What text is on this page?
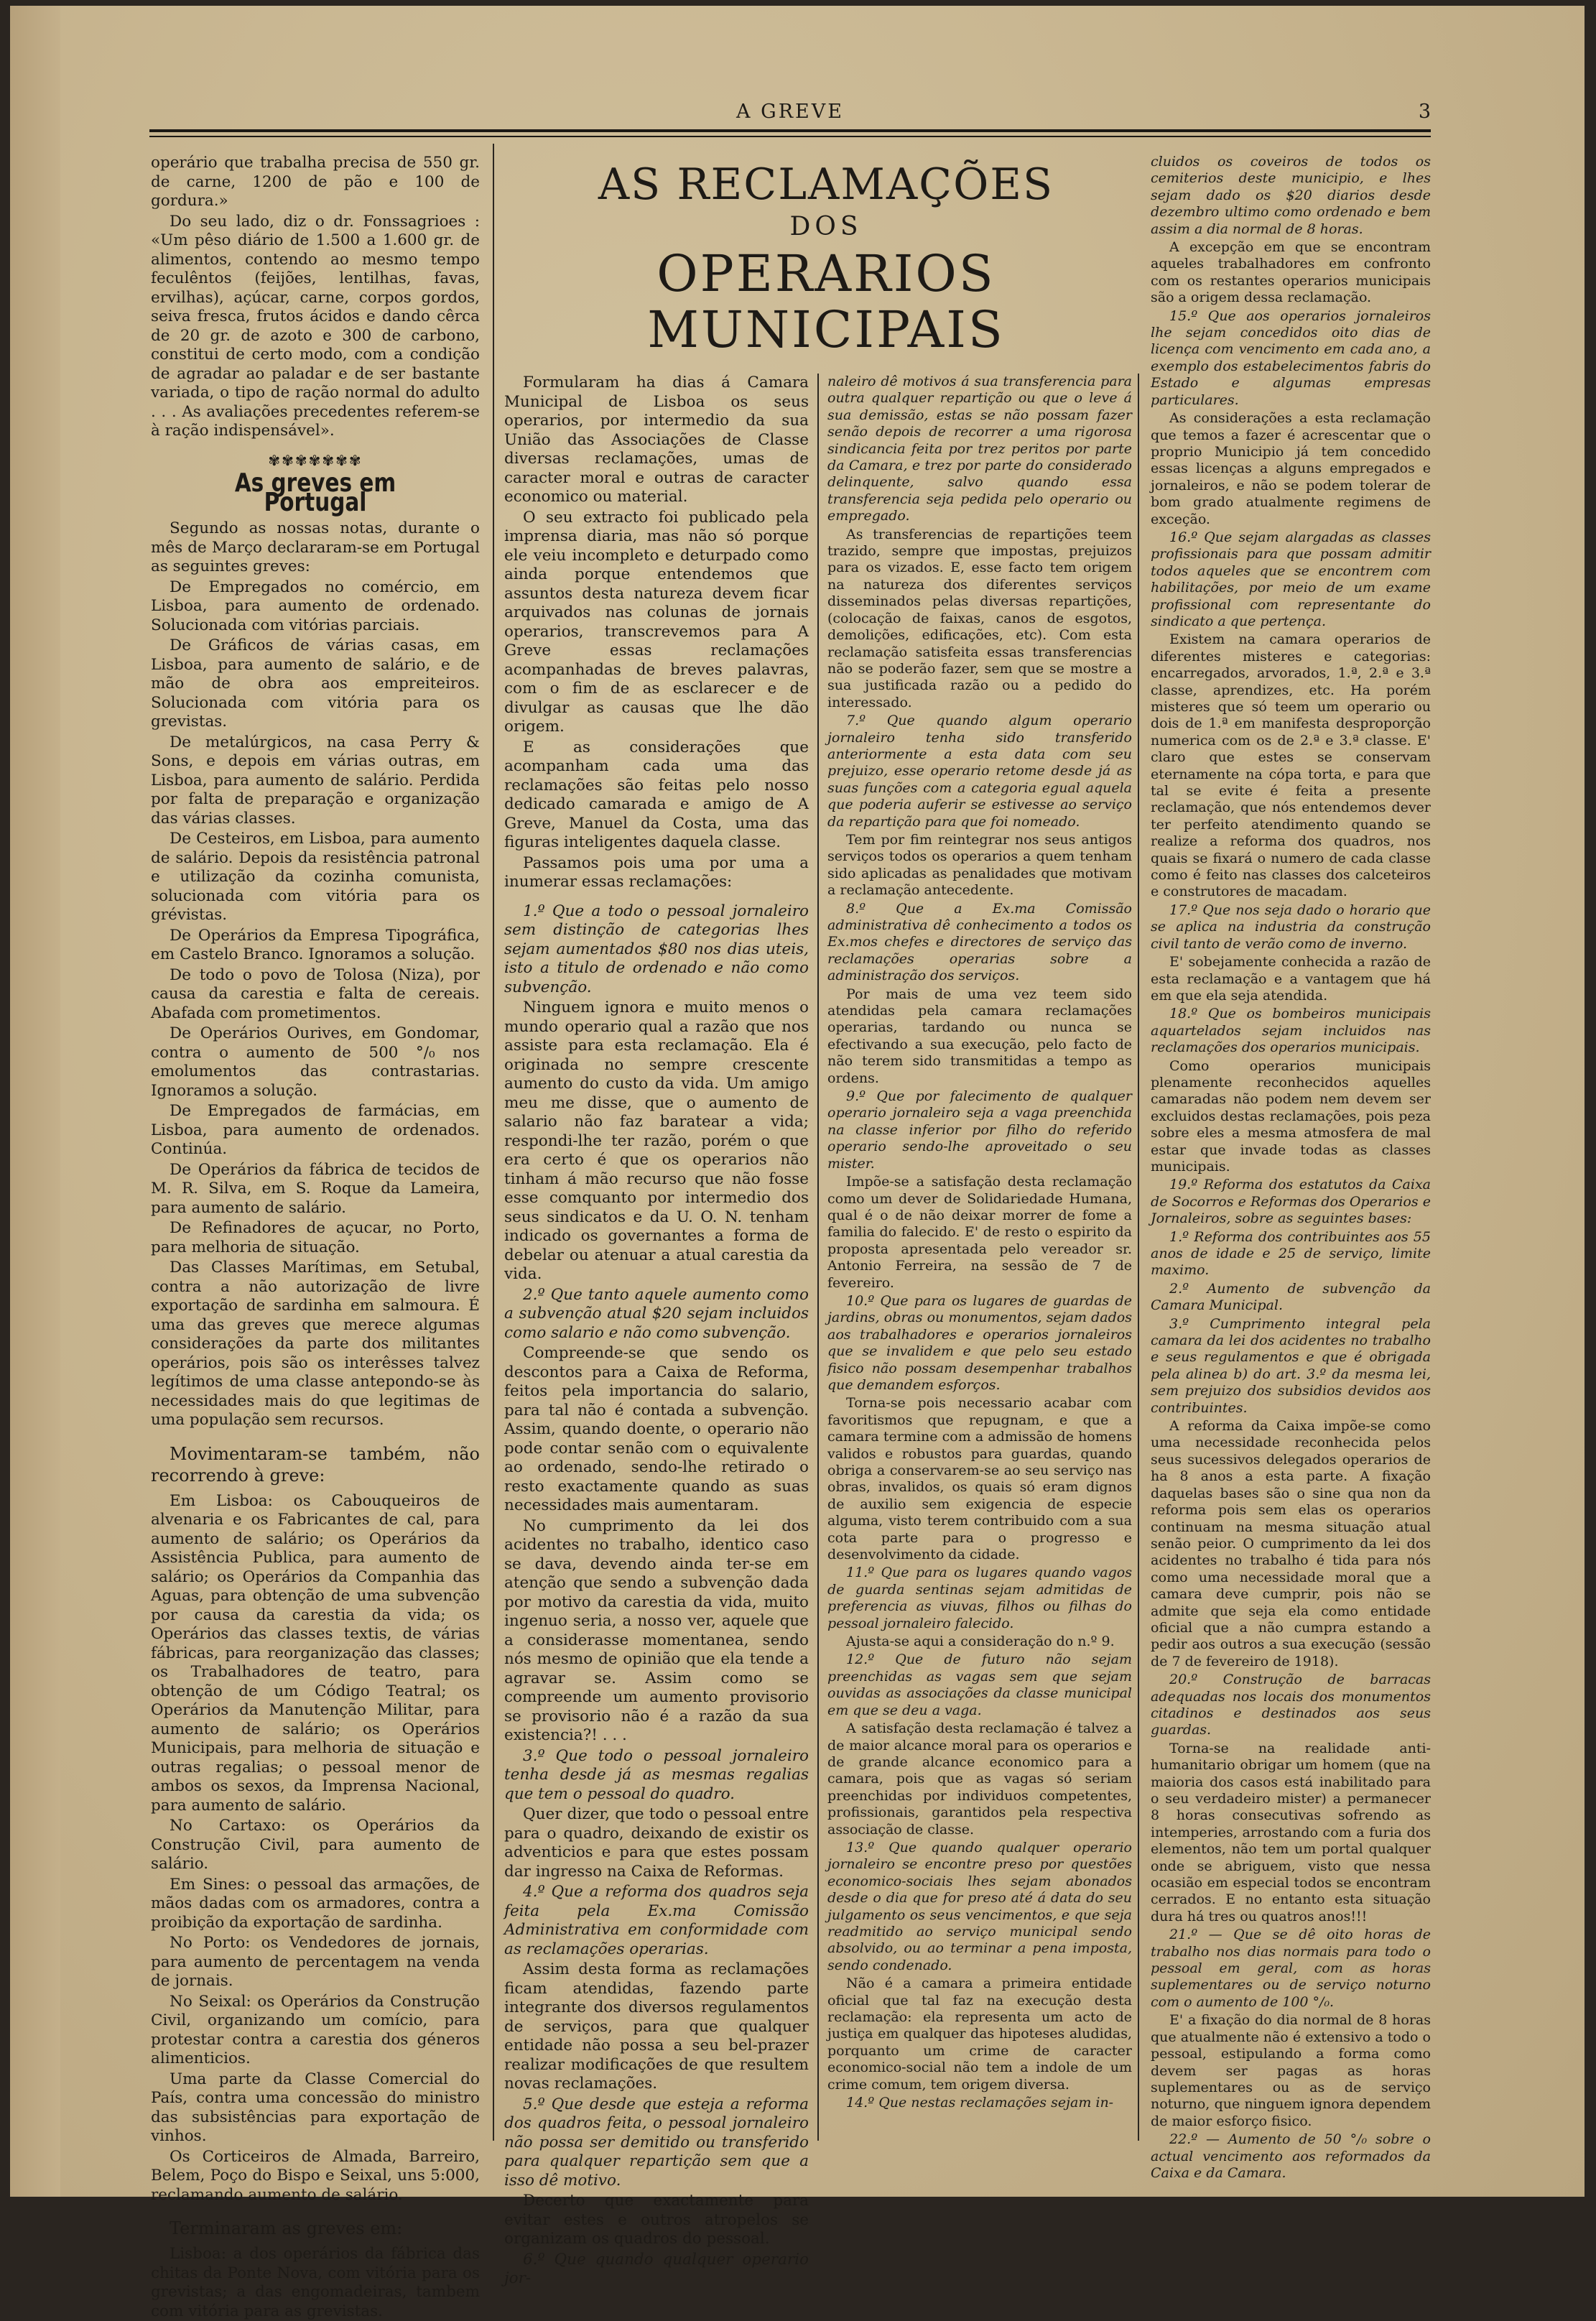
A GREVE	3

operário que trabalha precisa de 550 gr. de carne, 1200 de pão e 100 de gordura.»

Do seu lado, diz o dr. Fonssagrioes : «Um pêso diário de 1.500 a 1.600 gr. de alimentos, contendo ao mesmo tempo feculêntos (feijões, lentilhas, favas, ervilhas), açúcar, carne, corpos gordos, seiva fresca, frutos ácidos e dando cêrca de 20 gr. de azoto e 300 de carbono, constitui de certo modo, com a condição de agradar ao paladar e de ser bastante variada, o tipo de ração normal do adulto . . . As avaliações precedentes referem-se à ração indispensável».

✾✾✾✾✾✾✾
As greves em Portugal

Segundo as nossas notas, durante o mês de Março declararam-se em Portugal as seguintes greves:

De Empregados no comércio, em Lisboa, para aumento de ordenado. Solucionada com vitórias parciais.

De Gráficos de várias casas, em Lisboa, para aumento de salário, e de mão de obra aos empreiteiros. Solucionada com vitória para os grevistas.

De metalúrgicos, na casa Perry & Sons, e depois em várias outras, em Lisboa, para aumento de salário. Perdida por falta de preparação e organização das várias classes.

De Cesteiros, em Lisboa, para aumento de salário. Depois da resistência patronal e utilização da cozinha comunista, solucionada com vitória para os grévistas.

De Operários da Empresa Tipográfica, em Castelo Branco. Ignoramos a solução.

De todo o povo de Tolosa (Niza), por causa da carestia e falta de cereais. Abafada com prometimentos.

De Operários Ourives, em Gondomar, contra o aumento de 500 °/₀ nos emolumentos das contrastarias. Ignoramos a solução.

De Empregados de farmácias, em Lisboa, para aumento de ordenados. Continúa.

De Operários da fábrica de tecidos de M. R. Silva, em S. Roque da Lameira, para aumento de salário.

De Refinadores de açucar, no Porto, para melhoria de situação.

Das Classes Marítimas, em Setubal, contra a não autorização de livre exportação de sardinha em salmoura. É uma das greves que merece algumas considerações da parte dos militantes operários, pois são os interêsses talvez legítimos de uma classe antepondo-se às necessidades mais do que legitimas de uma população sem recursos.

Movimentaram-se também, não recorrendo à greve:

Em Lisboa: os Cabouqueiros de alvenaria e os Fabricantes de cal, para aumento de salário; os Operários da Assistência Publica, para aumento de salário; os Operários da Companhia das Aguas, para obtenção de uma subvenção por causa da carestia da vida; os Operários das classes textis, de várias fábricas, para reorganização das classes; os Trabalhadores de teatro, para obtenção de um Código Teatral; os Operários da Manutenção Militar, para aumento de salário; os Operários Municipais, para melhoria de situação e outras regalias; o pessoal menor de ambos os sexos, da Imprensa Nacional, para aumento de salário.

No Cartaxo: os Operários da Construção Civil, para aumento de salário.

Em Sines: o pessoal das armações, de mãos dadas com os armadores, contra a proibição da exportação de sardinha.

No Porto: os Vendedores de jornais, para aumento de percentagem na venda de jornais.

No Seixal: os Operários da Construção Civil, organizando um comício, para protestar contra a carestia dos géneros alimenticios.

Uma parte da Classe Comercial do País, contra uma concessão do ministro das subsistências para exportação de vinhos.

Os Corticeiros de Almada, Barreiro, Belem, Poço do Bispo e Seixal, uns 5:000, reclamando aumento de salário.

Terminaram as greves em:

Lisboa: a dos operários da fábrica das chitas da Ponte Nova, com vitória para os grevistas; a das engomadeiras, tambem com vitória para as grevistas.

AS RECLAMAÇÕES
DOS
OPERARIOS MUNICIPAIS

cluidos os coveiros de todos os cemiterios deste municipio, e lhes sejam dado os $20 diarios desde dezembro ultimo como ordenado e bem assim a dia normal de 8 horas.

A excepção em que se encontram aqueles trabalhadores em confronto com os restantes operarios municipais são a origem dessa reclamação.

15.º Que aos operarios jornaleiros lhe sejam concedidos oito dias de licença com vencimento em cada ano, a exemplo dos estabelecimentos fabris do Estado e algumas empresas particulares.

As considerações a esta reclamação que temos a fazer é acrescentar que o proprio Municipio já tem concedido essas licenças a alguns empregados e jornaleiros, e não se podem tolerar de bom grado atualmente regimens de exceção.

16.º Que sejam alargadas as classes profissionais para que possam admitir todos aqueles que se encontrem com habilitações, por meio de um exame profissional com representante do sindicato a que pertença.

Existem na camara operarios de diferentes misteres e categorias: encarregados, arvorados, 1.ª, 2.ª e 3.ª classe, aprendizes, etc. Ha porém misteres que só teem um operario ou dois de 1.ª em manifesta desproporção numerica com os de 2.ª e 3.ª classe. E' claro que estes se conservam eternamente na cópa torta, e para que tal se evite é feita a presente reclamação, que nós entendemos dever ter perfeito atendimento quando se realize a reforma dos quadros, nos quais se fixará o numero de cada classe como é feito nas classes dos calceteiros e construtores de macadam.

17.º Que nos seja dado o horario que se aplica na industria da construção civil tanto de verão como de inverno.

E' sobejamente conhecida a razão de esta reclamação e a vantagem que há em que ela seja atendida.

18.º Que os bombeiros municipais aquartelados sejam incluidos nas reclamações dos operarios municipais.

Como operarios municipais plenamente reconhecidos aquelles camaradas não podem nem devem ser excluidos destas reclamações, pois peza sobre eles a mesma atmosfera de mal estar que invade todas as classes municipais.

19.º Reforma dos estatutos da Caixa de Socorros e Reformas dos Operarios e Jornaleiros, sobre as seguintes bases:

1.º Reforma dos contribuintes aos 55 anos de idade e 25 de serviço, limite maximo.

2.º Aumento de subvenção da Camara Municipal.

3.º Cumprimento integral pela camara da lei dos acidentes no trabalho e seus regulamentos e que é obrigada pela alinea b) do art. 3.º da mesma lei, sem prejuizo dos subsidios devidos aos contribuintes.

A reforma da Caixa impõe-se como uma necessidade reconhecida pelos seus sucessivos delegados operarios de ha 8 anos a esta parte. A fixação daquelas bases são o sine qua non da reforma pois sem elas os operarios continuam na mesma situação atual senão peior. O cumprimento da lei dos acidentes no trabalho é tida para nós como uma necessidade moral que a camara deve cumprir, pois não se admite que seja ela como entidade oficial que a não cumpra estando a pedir aos outros a sua execução (sessão de 7 de fevereiro de 1918).

20.º Construção de barracas adequadas nos locais dos monumentos citadinos e destinados aos seus guardas.

Torna-se na realidade anti-humanitario obrigar um homem (que na maioria dos casos está inabilitado para o seu verdadeiro mister) a permanecer 8 horas consecutivas sofrendo as intemperies, arrostando com a furia dos elementos, não tem um portal qualquer onde se abriguem, visto que nessa ocasião em especial todos se encontram cerrados. E no entanto esta situação dura há tres ou quatros anos!!!

21.º — Que se dê oito horas de trabalho nos dias normais para todo o pessoal em geral, com as horas suplementares ou de serviço noturno com o aumento de 100 °/₀.

E' a fixação do dia normal de 8 horas que atualmente não é extensivo a todo o pessoal, estipulando a forma como devem ser pagas as horas suplementares ou as de serviço noturno, que ninguem ignora dependem de maior esforço fisico.

22.º — Aumento de 50 °/₀ sobre o actual vencimento aos reformados da Caixa e da Camara.

Formularam ha dias á Camara Municipal de Lisboa os seus operarios, por intermedio da sua União das Associações de Classe diversas reclamações, umas de caracter moral e outras de caracter economico ou material.

O seu extracto foi publicado pela imprensa diaria, mas não só porque ele veiu incompleto e deturpado como ainda porque entendemos que assuntos desta natureza devem ficar arquivados nas colunas de jornais operarios, transcrevemos para A Greve essas reclamações acompanhadas de breves palavras, com o fim de as esclarecer e de divulgar as causas que lhe dão origem.

E as considerações que acompanham cada uma das reclamações são feitas pelo nosso dedicado camarada e amigo de A Greve, Manuel da Costa, uma das figuras inteligentes daquela classe.

Passamos pois uma por uma a inumerar essas reclamações:

1.º Que a todo o pessoal jornaleiro sem distinção de categorias lhes sejam aumentados $80 nos dias uteis, isto a titulo de ordenado e não como subvenção.

Ninguem ignora e muito menos o mundo operario qual a razão que nos assiste para esta reclamação. Ela é originada no sempre crescente aumento do custo da vida. Um amigo meu me disse, que o aumento de salario não faz baratear a vida; respondi-lhe ter razão, porém o que era certo é que os operarios não tinham á mão recurso que não fosse esse comquanto por intermedio dos seus sindicatos e da U. O. N. tenham indicado os governantes a forma de debelar ou atenuar a atual carestia da vida.

2.º Que tanto aquele aumento como a subvenção atual $20 sejam incluidos como salario e não como subvenção.

Compreende-se que sendo os descontos para a Caixa de Reforma, feitos pela importancia do salario, para tal não é contada a subvenção. Assim, quando doente, o operario não pode contar senão com o equivalente ao ordenado, sendo-lhe retirado o resto exactamente quando as suas necessidades mais aumentaram.

No cumprimento da lei dos acidentes no trabalho, identico caso se dava, devendo ainda ter-se em atenção que sendo a subvenção dada por motivo da carestia da vida, muito ingenuo seria, a nosso ver, aquele que a considerasse momentanea, sendo nós mesmo de opinião que ela tende a agravar se. Assim como se compreende um aumento provisorio se provisorio não é a razão da sua existencia?! . . .

3.º Que todo o pessoal jornaleiro tenha desde já as mesmas regalias que tem o pessoal do quadro.

Quer dizer, que todo o pessoal entre para o quadro, deixando de existir os adventicios e para que estes possam dar ingresso na Caixa de Reformas.

4.º Que a reforma dos quadros seja feita pela Ex.ma Comissão Administrativa em conformidade com as reclamações operarias.

Assim desta forma as reclamações ficam atendidas, fazendo parte integrante dos diversos regulamentos de serviços, para que qualquer entidade não possa a seu bel-prazer realizar modificações de que resultem novas reclamações.

5.º Que desde que esteja a reforma dos quadros feita, o pessoal jornaleiro não possa ser demitido ou transferido para qualquer repartição sem que a isso dê motivo.

Decerto que exactamente para evitar estes e outros atropelos se organizam os quadros do pessoal.

6.º Que quando qualquer operario jor-

naleiro dê motivos á sua transferencia para outra qualquer repartição ou que o leve á sua demissão, estas se não possam fazer senão depois de recorrer a uma rigorosa sindicancia feita por trez peritos por parte da Camara, e trez por parte do considerado delinquente, salvo quando essa transferencia seja pedida pelo operario ou empregado.

As transferencias de repartições teem trazido, sempre que impostas, prejuizos para os vizados. E, esse facto tem origem na natureza dos diferentes serviços disseminados pelas diversas repartições, (colocação de faixas, canos de esgotos, demolições, edificações, etc). Com esta reclamação satisfeita essas transferencias não se poderão fazer, sem que se mostre a sua justificada razão ou a pedido do interessado.

7.º Que quando algum operario jornaleiro tenha sido transferido anteriormente a esta data com seu prejuizo, esse operario retome desde já as suas funções com a categoria egual aquela que poderia auferir se estivesse ao serviço da repartição para que foi nomeado.

Tem por fim reintegrar nos seus antigos serviços todos os operarios a quem tenham sido aplicadas as penalidades que motivam a reclamação antecedente.

8.º Que a Ex.ma Comissão administrativa dê conhecimento a todos os Ex.mos chefes e directores de serviço das reclamações operarias sobre a administração dos serviços.

Por mais de uma vez teem sido atendidas pela camara reclamações operarias, tardando ou nunca se efectivando a sua execução, pelo facto de não terem sido transmitidas a tempo as ordens.

9.º Que por falecimento de qualquer operario jornaleiro seja a vaga preenchida na classe inferior por filho do referido operario sendo-lhe aproveitado o seu mister.

Impõe-se a satisfação desta reclamação como um dever de Solidariedade Humana, qual é o de não deixar morrer de fome a familia do falecido. E' de resto o espirito da proposta apresentada pelo vereador sr. Antonio Ferreira, na sessão de 7 de fevereiro.

10.º Que para os lugares de guardas de jardins, obras ou monumentos, sejam dados aos trabalhadores e operarios jornaleiros que se invalidem e que pelo seu estado fisico não possam desempenhar trabalhos que demandem esforços.

Torna-se pois necessario acabar com favoritismos que repugnam, e que a camara termine com a admissão de homens validos e robustos para guardas, quando obriga a conservarem-se ao seu serviço nas obras, invalidos, os quais só eram dignos de auxilio sem exigencia de especie alguma, visto terem contribuido com a sua cota parte para o progresso e desenvolvimento da cidade.

11.º Que para os lugares quando vagos de guarda sentinas sejam admitidas de preferencia as viuvas, filhos ou filhas do pessoal jornaleiro falecido.

Ajusta-se aqui a consideração do n.º 9.

12.º Que de futuro não sejam preenchidas as vagas sem que sejam ouvidas as associações da classe municipal em que se deu a vaga.

A satisfação desta reclamação é talvez a de maior alcance moral para os operarios e de grande alcance economico para a camara, pois que as vagas só seriam preenchidas por individuos competentes, profissionais, garantidos pela respectiva associação de classe.

13.º Que quando qualquer operario jornaleiro se encontre preso por questões economico-sociais lhes sejam abonados desde o dia que for preso até á data do seu julgamento os seus vencimentos, e que seja readmitido ao serviço municipal sendo absolvido, ou ao terminar a pena imposta, sendo condenado.

Não é a camara a primeira entidade oficial que tal faz na execução desta reclamação: ela representa um acto de justiça em qualquer das hipoteses aludidas, porquanto um crime de caracter economico-social não tem a indole de um crime comum, tem origem diversa.

14.º Que nestas reclamações sejam in-
